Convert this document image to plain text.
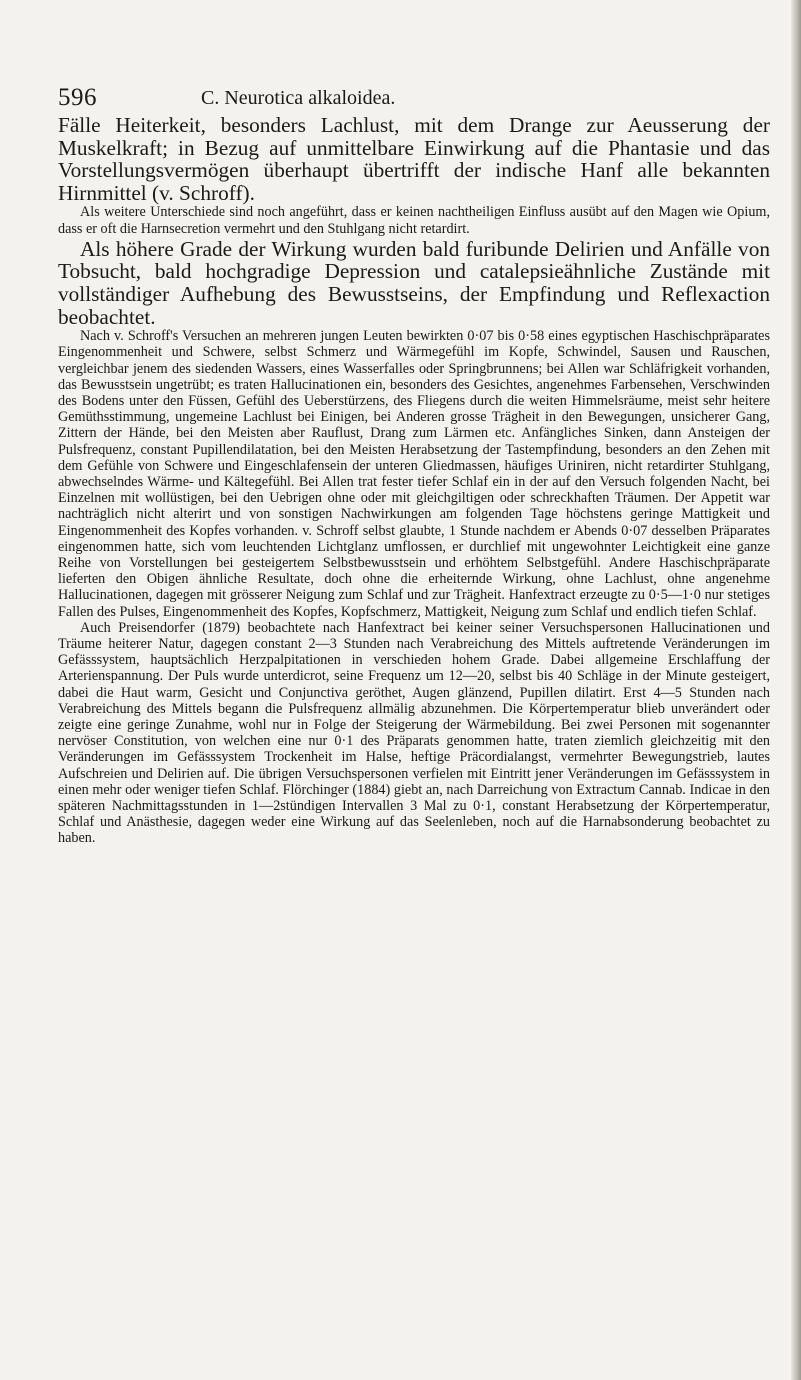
596	C. Neurotica alkaloidea.

Fälle Heiterkeit, besonders Lachlust, mit dem Drange zur Aeusserung der Muskelkraft; in Bezug auf unmittelbare Einwirkung auf die Phantasie und das Vorstellungsvermögen überhaupt übertrifft der indische Hanf alle bekannten Hirnmittel (v. Schroff).

Als weitere Unterschiede sind noch angeführt, dass er keinen nachtheiligen Einfluss ausübt auf den Magen wie Opium, dass er oft die Harnsecretion vermehrt und den Stuhlgang nicht retardirt.

Als höhere Grade der Wirkung wurden bald furibunde Delirien und Anfälle von Tobsucht, bald hochgradige Depression und catalepsieähnliche Zustände mit vollständiger Aufhebung des Bewusstseins, der Empfindung und Reflexaction beobachtet.

Nach v. Schroff's Versuchen an mehreren jungen Leuten bewirkten 0·07 bis 0·58 eines egyptischen Haschischpräparates Eingenommenheit und Schwere, selbst Schmerz und Wärmegefühl im Kopfe, Schwindel, Sausen und Rauschen, vergleichbar jenem des siedenden Wassers, eines Wasserfalles oder Springbrunnens; bei Allen war Schläfrigkeit vorhanden, das Bewusstsein ungetrübt; es traten Hallucinationen ein, besonders des Gesichtes, angenehmes Farbensehen, Verschwinden des Bodens unter den Füssen, Gefühl des Ueberstürzens, des Fliegens durch die weiten Himmelsräume, meist sehr heitere Gemüthsstimmung, ungemeine Lachlust bei Einigen, bei Anderen grosse Trägheit in den Bewegungen, unsicherer Gang, Zittern der Hände, bei den Meisten aber Rauflust, Drang zum Lärmen etc. Anfängliches Sinken, dann Ansteigen der Pulsfrequenz, constant Pupillendilatation, bei den Meisten Herabsetzung der Tastempfindung, besonders an den Zehen mit dem Gefühle von Schwere und Eingeschlafensein der unteren Gliedmassen, häufiges Uriniren, nicht retardirter Stuhlgang, abwechselndes Wärme- und Kältegefühl. Bei Allen trat fester tiefer Schlaf ein in der auf den Versuch folgenden Nacht, bei Einzelnen mit wollüstigen, bei den Uebrigen ohne oder mit gleichgiltigen oder schreckhaften Träumen. Der Appetit war nachträglich nicht alterirt und von sonstigen Nachwirkungen am folgenden Tage höchstens geringe Mattigkeit und Eingenommenheit des Kopfes vorhanden. v. Schroff selbst glaubte, 1 Stunde nachdem er Abends 0·07 desselben Präparates eingenommen hatte, sich vom leuchtenden Lichtglanz umflossen, er durchlief mit ungewohnter Leichtigkeit eine ganze Reihe von Vorstellungen bei gesteigertem Selbstbewusstsein und erhöhtem Selbstgefühl. Andere Haschischpräparate lieferten den Obigen ähnliche Resultate, doch ohne die erheiternde Wirkung, ohne Lachlust, ohne angenehme Hallucinationen, dagegen mit grösserer Neigung zum Schlaf und zur Trägheit. Hanfextract erzeugte zu 0·5—1·0 nur stetiges Fallen des Pulses, Eingenommenheit des Kopfes, Kopfschmerz, Mattigkeit, Neigung zum Schlaf und endlich tiefen Schlaf.

Auch Preisendorfer (1879) beobachtete nach Hanfextract bei keiner seiner Versuchspersonen Hallucinationen und Träume heiterer Natur, dagegen constant 2—3 Stunden nach Verabreichung des Mittels auftretende Veränderungen im Gefässsystem, hauptsächlich Herzpalpitationen in verschieden hohem Grade. Dabei allgemeine Erschlaffung der Arterienspannung. Der Puls wurde unterdicrot, seine Frequenz um 12—20, selbst bis 40 Schläge in der Minute gesteigert, dabei die Haut warm, Gesicht und Conjunctiva geröthet, Augen glänzend, Pupillen dilatirt. Erst 4—5 Stunden nach Verabreichung des Mittels begann die Pulsfrequenz allmälig abzunehmen. Die Körpertemperatur blieb unverändert oder zeigte eine geringe Zunahme, wohl nur in Folge der Steigerung der Wärmebildung. Bei zwei Personen mit sogenannter nervöser Constitution, von welchen eine nur 0·1 des Präparats genommen hatte, traten ziemlich gleichzeitig mit den Veränderungen im Gefässsystem Trockenheit im Halse, heftige Präcordialangst, vermehrter Bewegungstrieb, lautes Aufschreien und Delirien auf. Die übrigen Versuchspersonen verfielen mit Eintritt jener Veränderungen im Gefässsystem in einen mehr oder weniger tiefen Schlaf. Flörchinger (1884) giebt an, nach Darreichung von Extractum Cannab. Indicae in den späteren Nachmittagsstunden in 1—2stündigen Intervallen 3 Mal zu 0·1, constant Herabsetzung der Körpertemperatur, Schlaf und Anästhesie, dagegen weder eine Wirkung auf das Seelenleben, noch auf die Harnabsonderung beobachtet zu haben.
